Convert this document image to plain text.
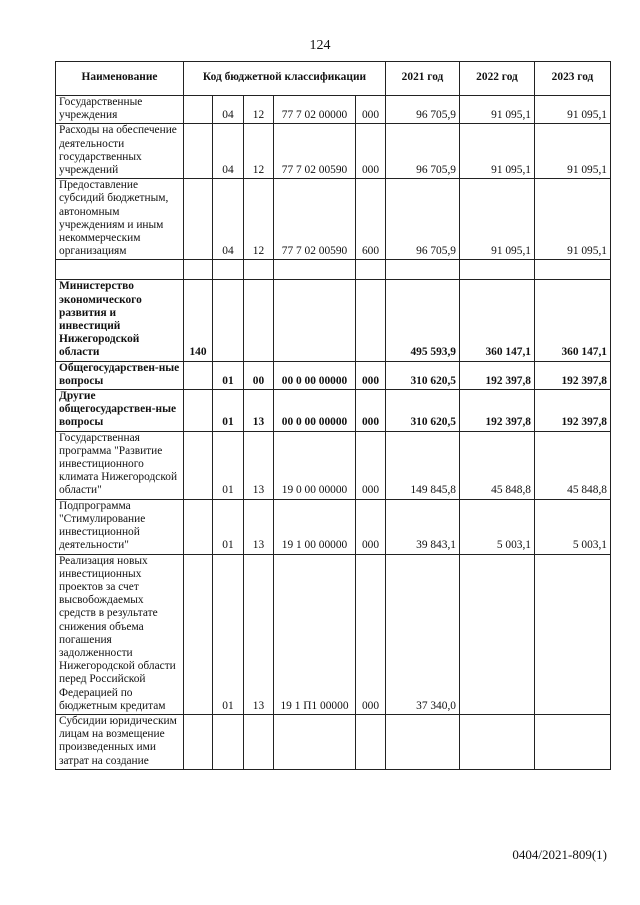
124
Наименование	Код бюджетной классификации					2021 год	2022 год	2023 год
Государственные учреждения		04	12	77 7 02 00000	000	96 705,9	91 095,1	91 095,1
Расходы на обеспечение деятельности государственных учреждений		04	12	77 7 02 00590	000	96 705,9	91 095,1	91 095,1
Предоставление субсидий бюджетным, автономным учреждениям и иным некоммерческим организациям		04	12	77 7 02 00590	600	96 705,9	91 095,1	91 095,1

Министерство экономического развития и инвестиций Нижегородской области	140					495 593,9	360 147,1	360 147,1
Общегосударствен-ные вопросы		01	00	00 0 00 00000	000	310 620,5	192 397,8	192 397,8
Другие общегосударствен-ные вопросы		01	13	00 0 00 00000	000	310 620,5	192 397,8	192 397,8
Государственная программа "Развитие инвестиционного климата Нижегородской области"		01	13	19 0 00 00000	000	149 845,8	45 848,8	45 848,8
Подпрограмма "Стимулирование инвестиционной деятельности"		01	13	19 1 00 00000	000	39 843,1	5 003,1	5 003,1
Реализация новых инвестиционных проектов за счет высвобождаемых средств в результате снижения объема погашения задолженности Нижегородской области перед Российской Федерацией по бюджетным кредитам		01	13	19 1 П1 00000	000	37 340,0		
Субсидии юридическим лицам на возмещение произведенных ими затрат на создание								
0404/2021-809(1)
